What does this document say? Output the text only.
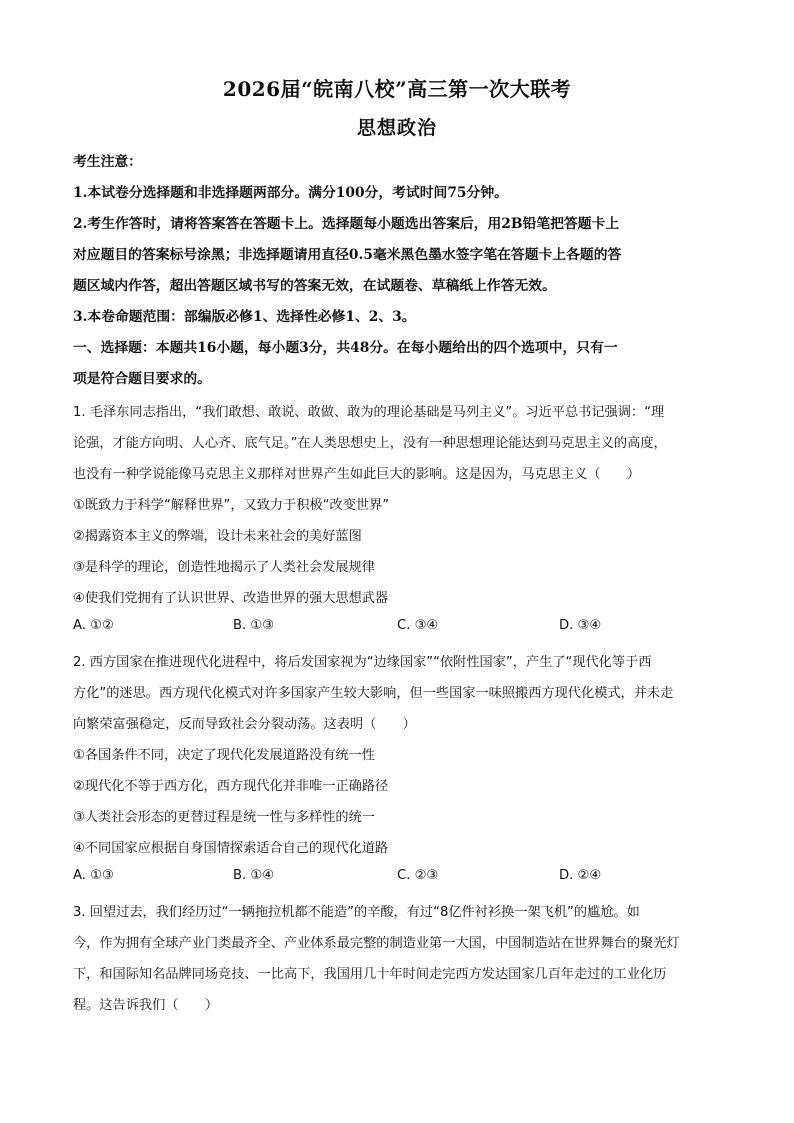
2026届“皖南八校”高三第一次大联考
思想政治
考生注意：
1.本试卷分选择题和非选择题两部分。满分100分，考试时间75分钟。
2.考生作答时，请将答案答在答题卡上。选择题每小题选出答案后，用2B铅笔把答题卡上
对应题目的答案标号涂黑；非选择题请用直径0.5毫米黑色墨水签字笔在答题卡上各题的答
题区域内作答，超出答题区域书写的答案无效，在试题卷、草稿纸上作答无效。
3.本卷命题范围：部编版必修1、选择性必修1、2、3。
一、选择题：本题共16小题，每小题3分，共48分。在每小题给出的四个选项中，只有一
项是符合题目要求的。
1. 毛泽东同志指出，“我们敢想、敢说、敢做、敢为的理论基础是马列主义”。习近平总书记强调：“理
论强，才能方向明、人心齐、底气足。”在人类思想史上，没有一种思想理论能达到马克思主义的高度，
也没有一种学说能像马克思主义那样对世界产生如此巨大的影响。这是因为，马克思主义（　　）
①既致力于科学“解释世界”，又致力于积极“改变世界”
②揭露资本主义的弊端，设计未来社会的美好蓝图
③是科学的理论，创造性地揭示了人类社会发展规律
④使我们党拥有了认识世界、改造世界的强大思想武器
A. ①②	B. ①③	C. ③④	D. ③④
2. 西方国家在推进现代化进程中，将后发国家视为“边缘国家”“依附性国家”，产生了“现代化等于西
方化”的迷思。西方现代化模式对许多国家产生较大影响，但一些国家一味照搬西方现代化模式，并未走
向繁荣富强稳定，反而导致社会分裂动荡。这表明（　　）
①各国条件不同，决定了现代化发展道路没有统一性
②现代化不等于西方化，西方现代化并非唯一正确路径
③人类社会形态的更替过程是统一性与多样性的统一
④不同国家应根据自身国情探索适合自己的现代化道路
A. ①③	B. ①④	C. ②③	D. ②④
3. 回望过去，我们经历过“一辆拖拉机都不能造”的辛酸，有过“8亿件衬衫换一架飞机”的尴尬。如
今，作为拥有全球产业门类最齐全、产业体系最完整的制造业第一大国，中国制造站在世界舞台的聚光灯
下，和国际知名品牌同场竞技、一比高下，我国用几十年时间走完西方发达国家几百年走过的工业化历
程。这告诉我们（　　）
